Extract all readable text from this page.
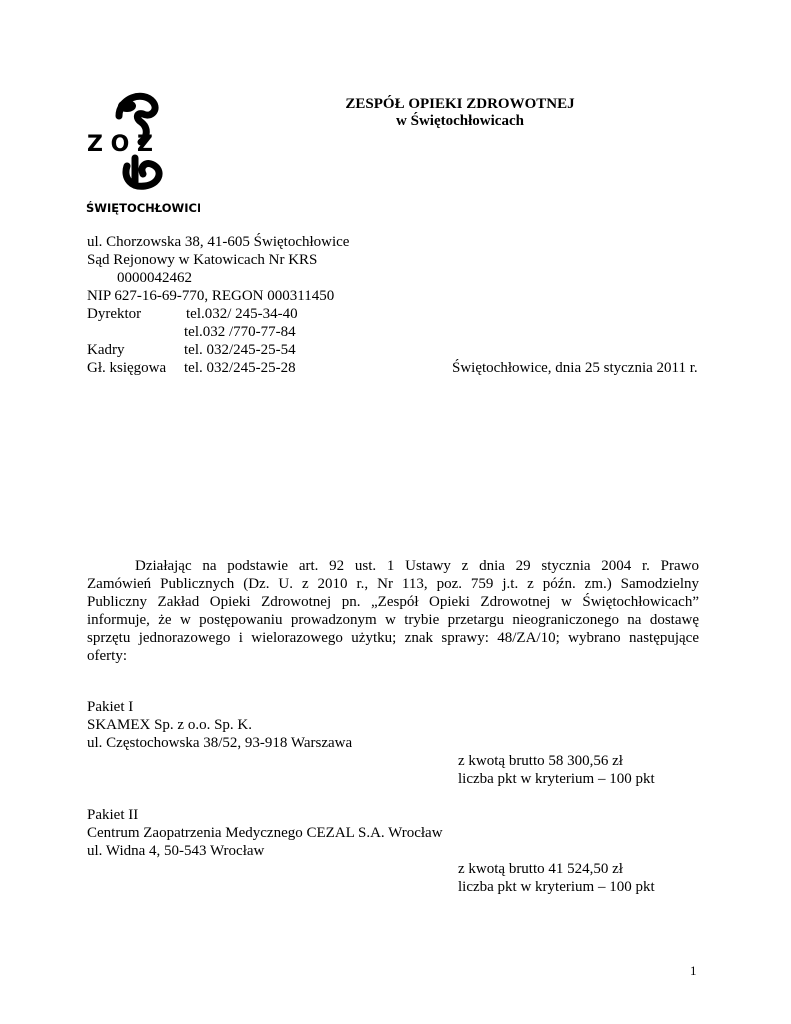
Z O Z
ŚWIĘTOCHŁOWICE
ZESPÓŁ OPIEKI ZDROWOTNEJ
w Świętochłowicach
ul. Chorzowska 38, 41-605 Świętochłowice
Sąd Rejonowy w Katowicach Nr KRS
0000042462
NIP 627-16-69-770, REGON 000311450
Dyrektor	tel.032/ 245-34-40
tel.032 /770-77-84
Kadry	tel. 032/245-25-54
Gł. księgowa tel. 032/245-25-28	Świętochłowice, dnia 25 stycznia 2011 r.
Działając na podstawie art. 92 ust. 1 Ustawy z dnia 29 stycznia 2004 r. Prawo
Zamówień Publicznych (Dz. U. z 2010 r., Nr 113, poz. 759 j.t. z późn. zm.) Samodzielny
Publiczny Zakład Opieki Zdrowotnej pn. „Zespół Opieki Zdrowotnej w Świętochłowicach”
informuje, że w postępowaniu prowadzonym w trybie przetargu nieograniczonego na dostawę
sprzętu jednorazowego i wielorazowego użytku; znak sprawy: 48/ZA/10; wybrano następujące
oferty:
Pakiet I
SKAMEX Sp. z o.o. Sp. K.
ul. Częstochowska 38/52, 93-918 Warszawa
z kwotą brutto 58 300,56 zł
liczba pkt w kryterium – 100 pkt
Pakiet II
Centrum Zaopatrzenia Medycznego CEZAL S.A. Wrocław
ul. Widna 4, 50-543 Wrocław
z kwotą brutto 41 524,50 zł
liczba pkt w kryterium – 100 pkt
1
